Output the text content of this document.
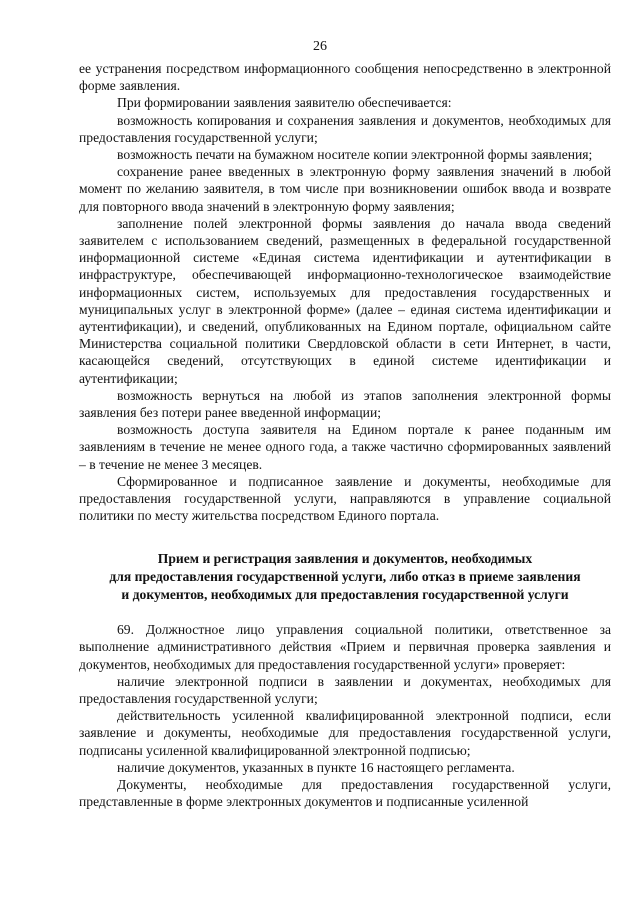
26

ее устранения посредством информационного сообщения непосредственно в электронной форме заявления.

При формировании заявления заявителю обеспечивается:

возможность копирования и сохранения заявления и документов, необходимых для предоставления государственной услуги;

возможность печати на бумажном носителе копии электронной формы заявления;

сохранение ранее введенных в электронную форму заявления значений в любой момент по желанию заявителя, в том числе при возникновении ошибок ввода и возврате для повторного ввода значений в электронную форму заявления;

заполнение полей электронной формы заявления до начала ввода сведений заявителем с использованием сведений, размещенных в федеральной государственной информационной системе «Единая система идентификации и аутентификации в инфраструктуре, обеспечивающей информационно-технологическое взаимодействие информационных систем, используемых для предоставления государственных и муниципальных услуг в электронной форме» (далее – единая система идентификации и аутентификации), и сведений, опубликованных на Едином портале, официальном сайте Министерства социальной политики Свердловской области в сети Интернет, в части, касающейся сведений, отсутствующих в единой системе идентификации и аутентификации;

возможность вернуться на любой из этапов заполнения электронной формы заявления без потери ранее введенной информации;

возможность доступа заявителя на Едином портале к ранее поданным им заявлениям в течение не менее одного года, а также частично сформированных заявлений – в течение не менее 3 месяцев.

Сформированное и подписанное заявление и документы, необходимые для предоставления государственной услуги, направляются в управление социальной политики по месту жительства посредством Единого портала.

Прием и регистрация заявления и документов, необходимых
для предоставления государственной услуги, либо отказ в приеме заявления
и документов, необходимых для предоставления государственной услуги

69. Должностное лицо управления социальной политики, ответственное за выполнение административного действия «Прием и первичная проверка заявления и документов, необходимых для предоставления государственной услуги» проверяет:

наличие электронной подписи в заявлении и документах, необходимых для предоставления государственной услуги;

действительность усиленной квалифицированной электронной подписи, если заявление и документы, необходимые для предоставления государственной услуги, подписаны усиленной квалифицированной электронной подписью;

наличие документов, указанных в пункте 16 настоящего регламента.

Документы, необходимые для предоставления государственной услуги, представленные в форме электронных документов и подписанные усиленной
